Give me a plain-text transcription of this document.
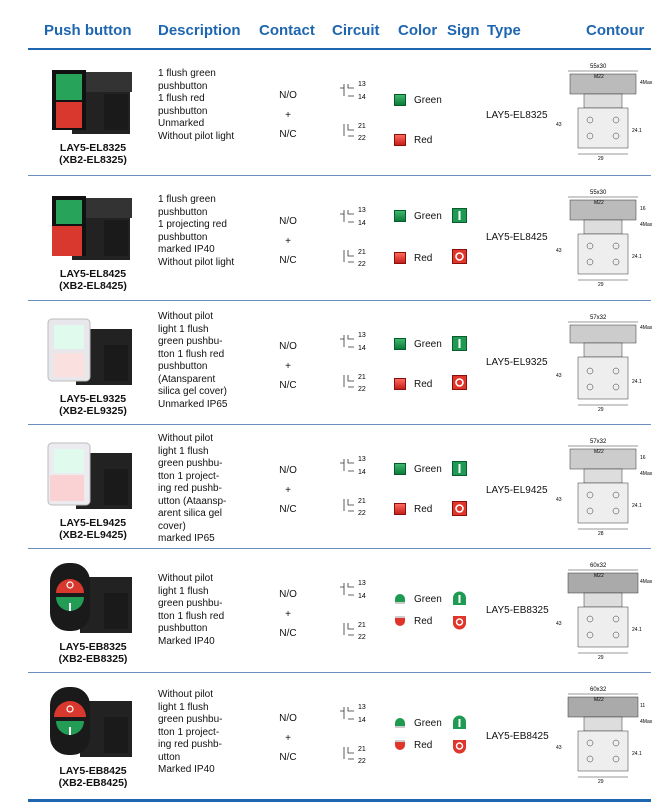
Push button Description Contact Circuit Color Sign Type	Contour
LAY5-EL8325
(XB2-EL8325)
1 flush green
pushbutton
1 flush red
pushbutton
Unmarked
Without pilot light
N/O
+
N/C
13
14
21
22
Green
Red
LAY5-EL8325
55x30
M22
43
4Max
24.1
29
LAY5-EL8425
(XB2-EL8425)
1 flush green
pushbutton
1 projecting red
pushbutton
marked IP40
Without pilot light
N/O
+
N/C
13
14
21
22
Green
Red
LAY5-EL8425
55x30
M22
43
4Max
16
24.1
29
LAY5-EL9325
(XB2-EL9325)
Without pilot
light 1 flush
green pushbu-
tton 1 flush red
pushbutton
(Atansparent
silica gel cover)
Unmarked IP65
N/O
+
N/C
13
14
21
22
Green
Red
LAY5-EL9325
57x32
43
4Max
24.1
29
LAY5-EL9425
(XB2-EL9425)
Without pilot
light 1 flush
green pushbu-
tton 1 project-
ing red pushb-
utton (Ataansp-
arent silica gel
cover)
marked IP65
N/O
+
N/C
13
14
21
22
Green
Red
LAY5-EL9425
57x32
M22
43
4Max
16
24.1
28
LAY5-EB8325
(XB2-EB8325)
Without pilot
light 1 flush
green pushbu-
tton 1 flush red
pushbutton
Marked IP40
N/O
+
N/C
13
14
21
22
Green
Red
LAY5-EB8325
60x32
M22
43
4Max
24.1
29
LAY5-EB8425
(XB2-EB8425)
Without pilot
light 1 flush
green pushbu-
tton 1 project-
ing red pushb-
utton
Marked IP40
N/O
+
N/C
13
14
21
22
Green
Red
LAY5-EB8425
60x32
M22
43
4Max
11
24.1
29
